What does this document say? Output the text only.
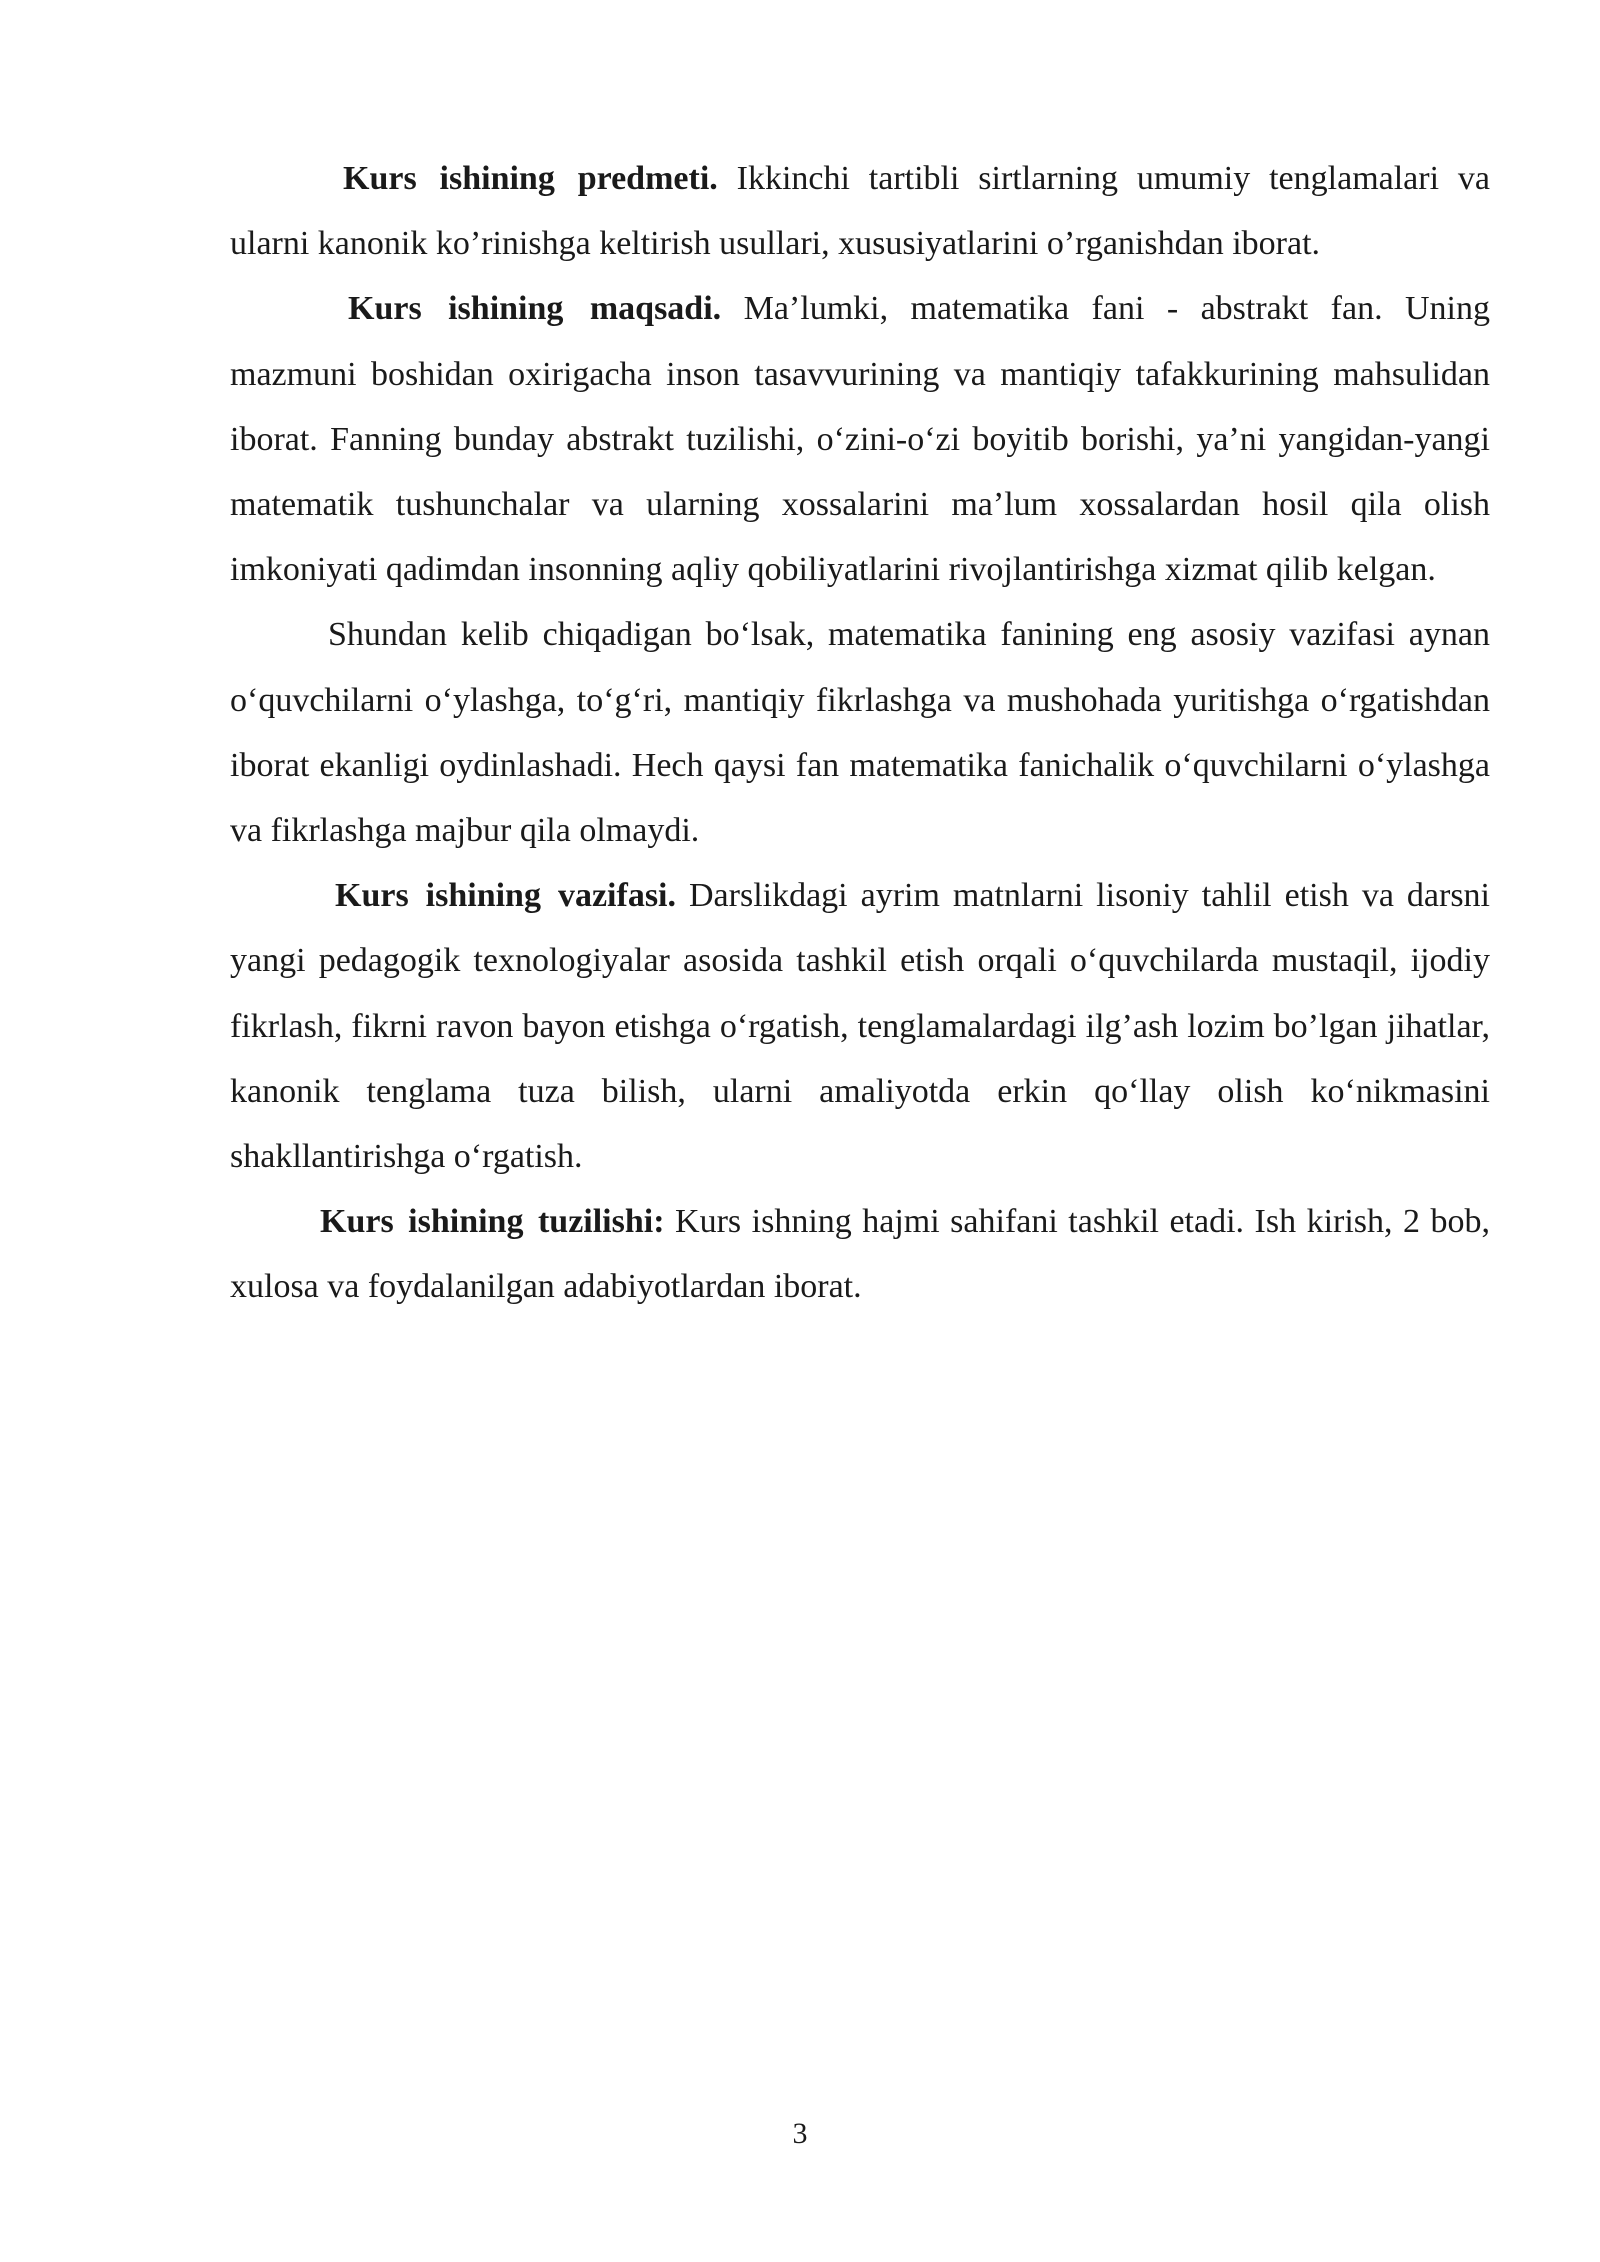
Kurs ishining predmeti. Ikkinchi tartibli sirtlarning umumiy tenglamalari va ularni kanonik ko’rinishga keltirish usullari, xususiyatlarini o’rganishdan iborat.

Kurs ishining maqsadi. Ma’lumki, matematika fani - abstrakt fan. Uning mazmuni boshidan oxirigacha inson tasavvurining va mantiqiy tafakkurining mahsulidan iborat. Fanning bunday abstrakt tuzilishi, o‘zini-o‘zi boyitib borishi, ya’ni yangidan-yangi matematik tushunchalar va ularning xossalarini ma’lum xossalardan hosil qila olish imkoniyati qadimdan insonning aqliy qobiliyatlarini rivojlantirishga xizmat qilib kelgan.

Shundan kelib chiqadigan bo‘lsak, matematika fanining eng asosiy vazifasi aynan o‘quvchilarni o‘ylashga, to‘g‘ri, mantiqiy fikrlashga va mushohada yuritishga o‘rgatishdan iborat ekanligi oydinlashadi. Hech qaysi fan matematika fanichalik o‘quvchilarni o‘ylashga va fikrlashga majbur qila olmaydi.

Kurs ishining vazifasi. Darslikdagi ayrim matnlarni lisoniy tahlil etish va darsni yangi pedagogik texnologiyalar asosida tashkil etish orqali o‘quvchilarda mustaqil, ijodiy fikrlash, fikrni ravon bayon etishga o‘rgatish, tenglamalardagi ilg’ash lozim bo’lgan jihatlar, kanonik tenglama tuza bilish, ularni amaliyotda erkin qo‘llay olish ko‘nikmasini shakllantirishga o‘rgatish.

Kurs ishining tuzilishi: Kurs ishning hajmi sahifani tashkil etadi. Ish kirish, 2 bob, xulosa va foydalanilgan adabiyotlardan iborat.

3
